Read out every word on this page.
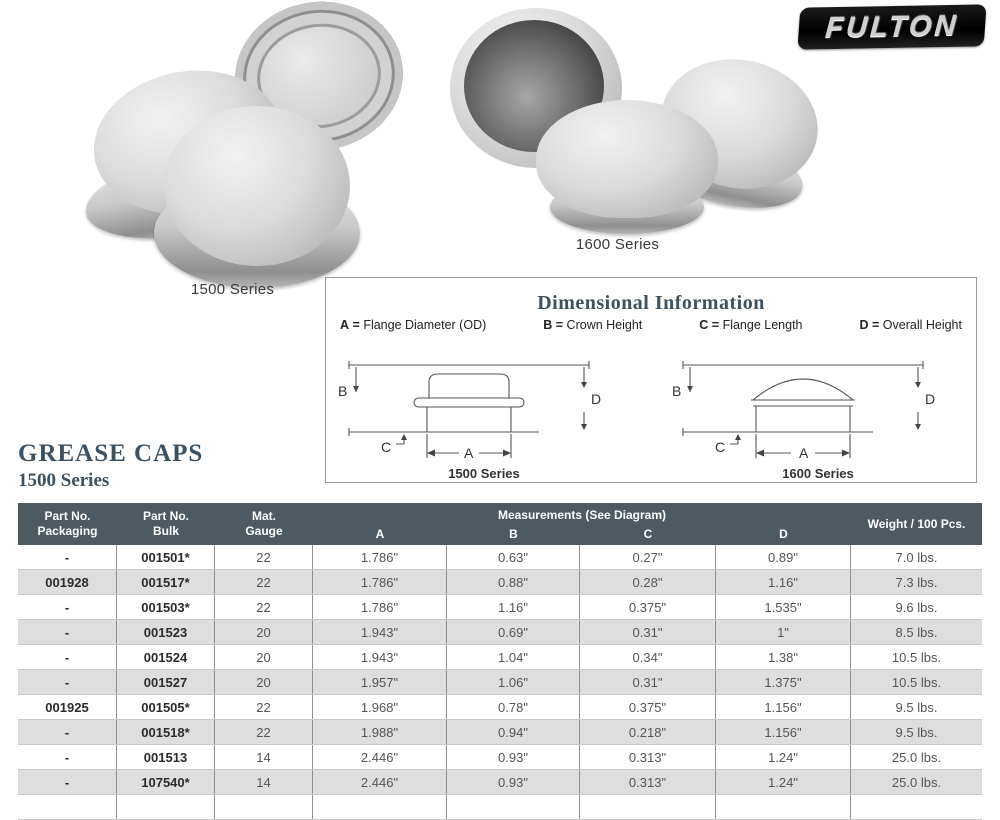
FULTON
1500 Series
1600 Series
Dimensional Information
A = Flange Diameter (OD)	B = Crown Height	C = Flange Length	D = Overall Height
B	D
C	A
1500 Series
B	D
C	A
1600 Series
GREASE CAPS
1500 Series
Part No.
Packaging
Part No.
Bulk
Mat.
Gauge
Measurements (See Diagram)
A	B	C	D
Weight / 100 Pcs.
-	001501*	22	1.786"	0.63"	0.27"	0.89"	7.0 lbs.
001928	001517*	22	1.786"	0.88"	0.28"	1.16"	7.3 lbs.
-	001503*	22	1.786"	1.16"	0.375"	1.535"	9.6 lbs.
-	001523	20	1.943"	0.69"	0.31"	1"	8.5 lbs.
-	001524	20	1.943"	1.04"	0.34"	1.38"	10.5 lbs.
-	001527	20	1.957"	1.06"	0.31"	1.375"	10.5 lbs.
001925	001505*	22	1.968"	0.78"	0.375"	1.156"	9.5 lbs.
-	001518*	22	1.988"	0.94"	0.218"	1.156"	9.5 lbs.
-	001513	14	2.446"	0.93"	0.313"	1.24"	25.0 lbs.
-	107540*	14	2.446"	0.93"	0.313"	1.24"	25.0 lbs.
